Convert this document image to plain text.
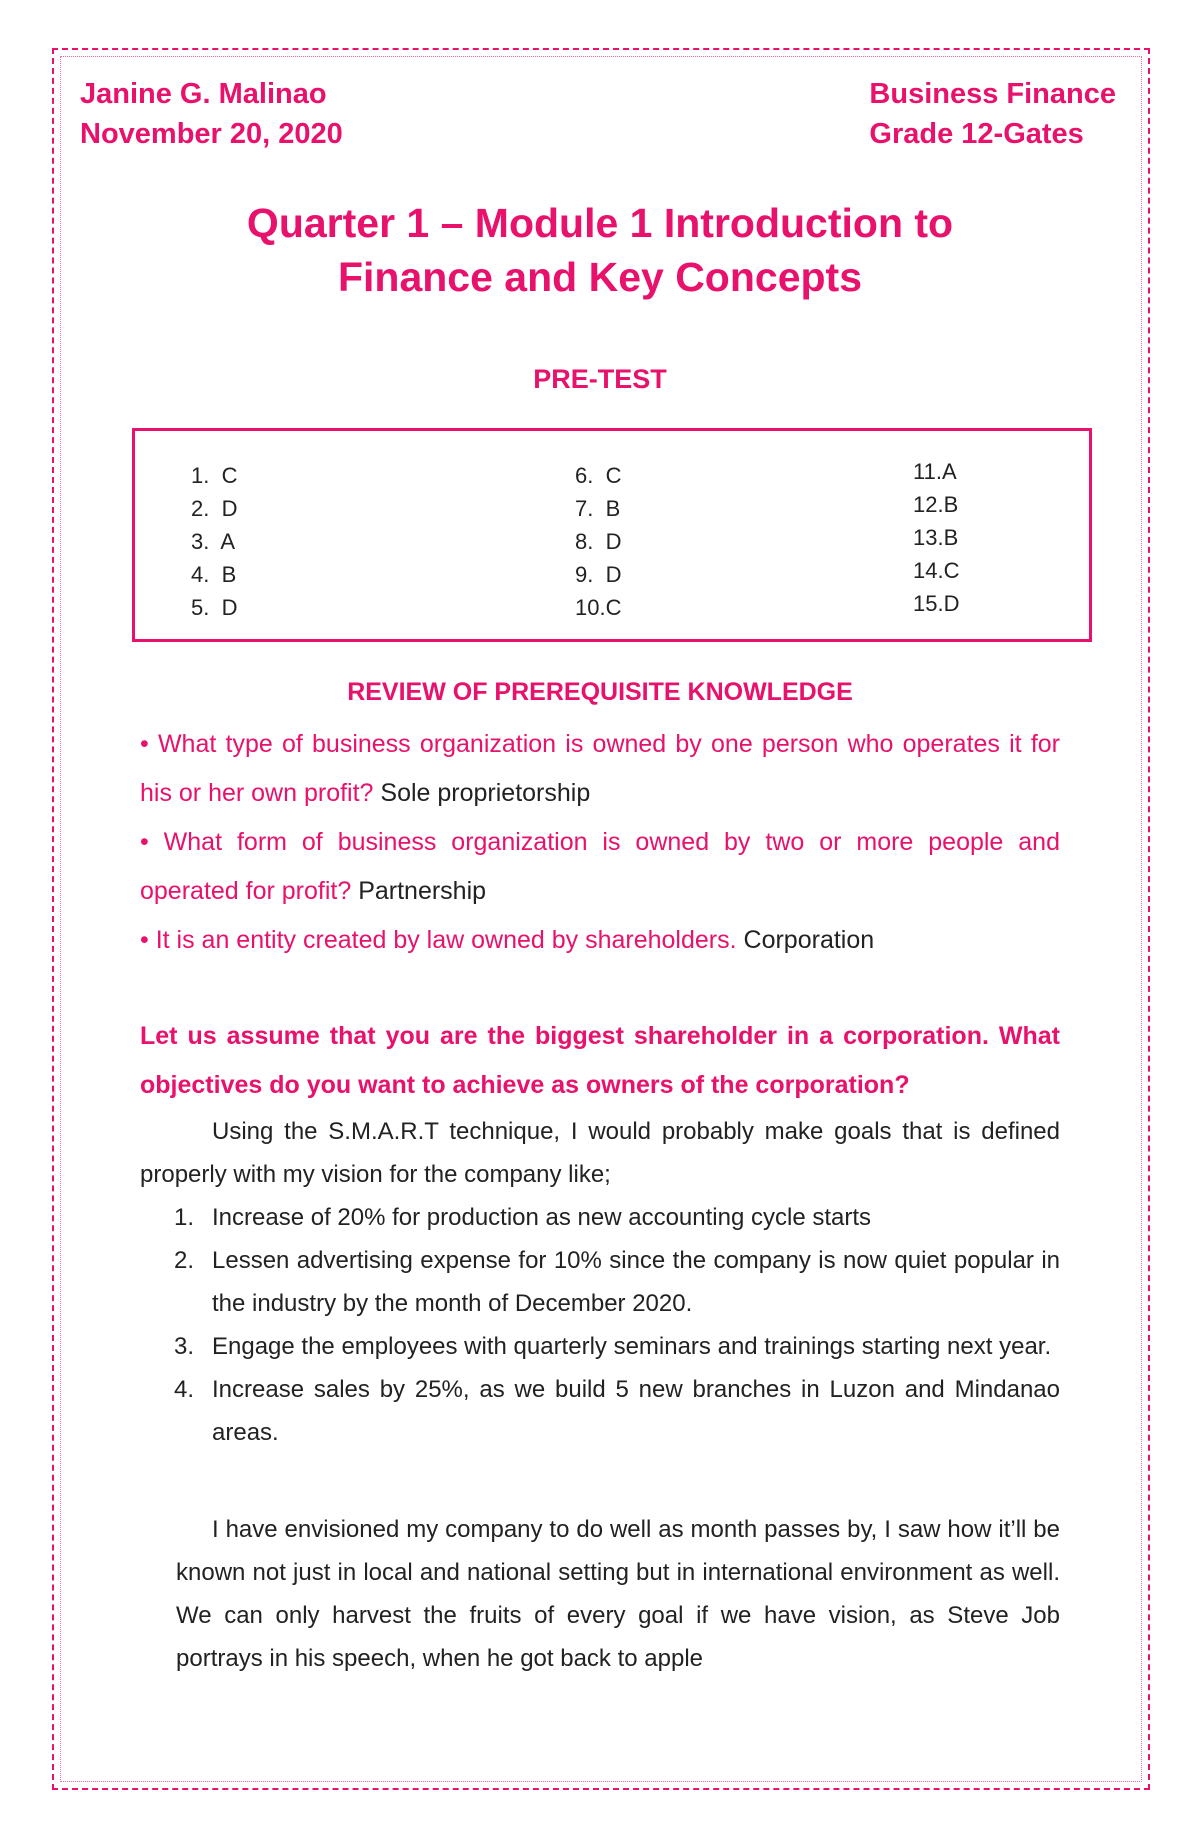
Janine G. Malinao
November 20, 2020
Business Finance
Grade 12-Gates
Quarter 1 – Module 1 Introduction to
Finance and Key Concepts
PRE-TEST
1.  C
2.  D
3.  A
4.  B
5.  D
6.  C
7.  B
8.  D
9.  D
10.C
11.A
12.B
13.B
14.C
15.D
REVIEW OF PREREQUISITE KNOWLEDGE
• What type of business organization is owned by one person who operates it for his or her own profit? Sole proprietorship
• What form of business organization is owned by two or more people and operated for profit? Partnership
• It is an entity created by law owned by shareholders. Corporation
Let us assume that you are the biggest shareholder in a corporation. What objectives do you want to achieve as owners of the corporation?
Using the S.M.A.R.T technique, I would probably make goals that is defined properly with my vision for the company like;
1. Increase of 20% for production as new accounting cycle starts
2. Lessen advertising expense for 10% since the company is now quiet popular in the industry by the month of December 2020.
3. Engage the employees with quarterly seminars and trainings starting next year.
4. Increase sales by 25%, as we build 5 new branches in Luzon and Mindanao areas.
I have envisioned my company to do well as month passes by, I saw how it’ll be known not just in local and national setting but in international environment as well. We can only harvest the fruits of every goal if we have vision, as Steve Job portrays in his speech, when he got back to apple
